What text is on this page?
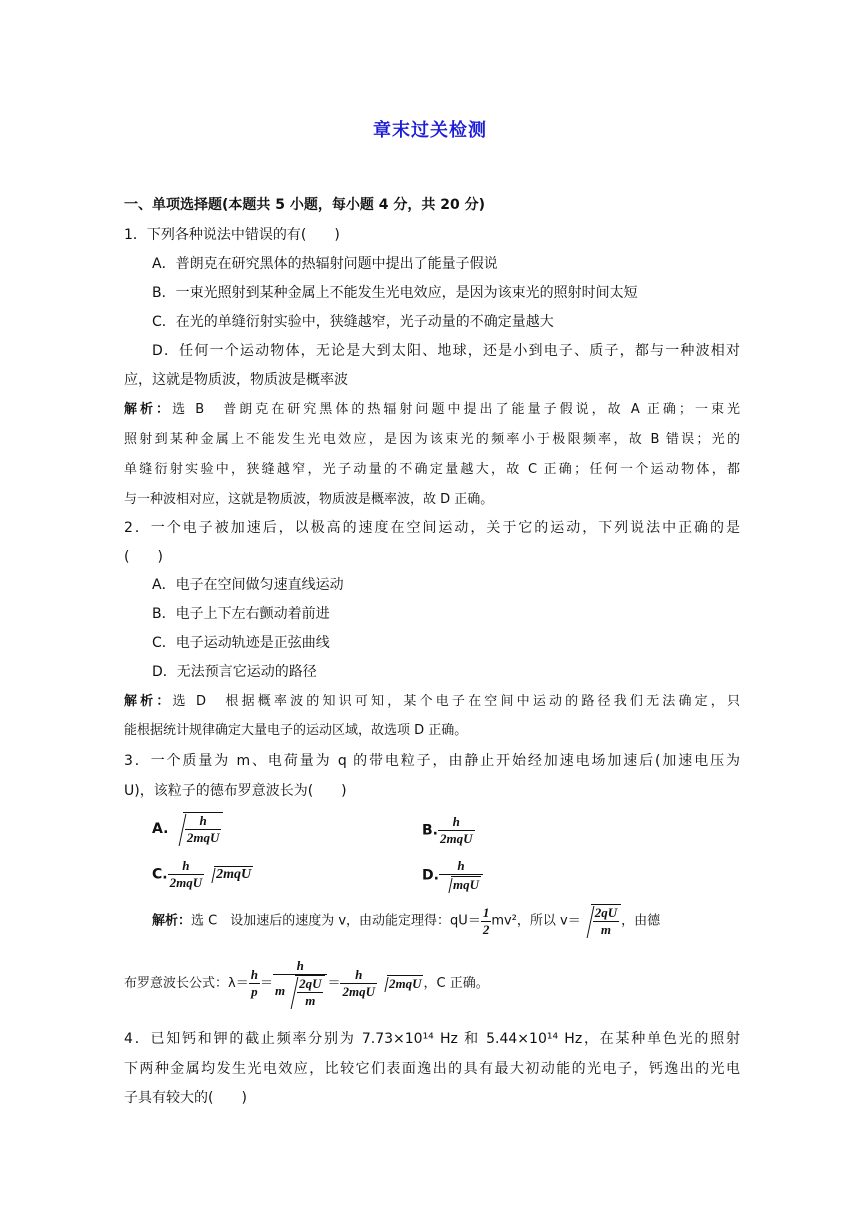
章末过关检测
一、单项选择题(本题共 5 小题，每小题 4 分，共 20 分)
1．下列各种说法中错误的有(　　)
A．普朗克在研究黑体的热辐射问题中提出了能量子假说
B．一束光照射到某种金属上不能发生光电效应，是因为该束光的照射时间太短
C．在光的单缝衍射实验中，狭缝越窄，光子动量的不确定量越大
D．任何一个运动物体，无论是大到太阳、地球，还是小到电子、质子，都与一种波相对
应，这就是物质波，物质波是概率波
解析：选 B　普朗克在研究黑体的热辐射问题中提出了能量子假说，故 A 正确；一束光
照射到某种金属上不能发生光电效应，是因为该束光的频率小于极限频率，故 B 错误；光的
单缝衍射实验中，狭缝越窄，光子动量的不确定量越大，故 C 正确；任何一个运动物体，都
与一种波相对应，这就是物质波，物质波是概率波，故 D 正确。
2．一个电子被加速后，以极高的速度在空间运动，关于它的运动，下列说法中正确的是
(　　)
A．电子在空间做匀速直线运动
B．电子上下左右颤动着前进
C．电子运动轨迹是正弦曲线
D．无法预言它运动的路径
解析：选 D　根据概率波的知识可知，某个电子在空间中运动的路径我们无法确定，只
能根据统计规律确定大量电子的运动区域，故选项 D 正确。
3．一个质量为 m、电荷量为 q 的带电粒子，由静止开始经加速电场加速后(加速电压为
U)，该粒子的德布罗意波长为(　　)
A. $\frac{h}{\text{2mqU}}$	B. $\frac{h}{\text{2mqU}}$
C. $\frac{h}{\text{2mqU}} 2mqU$	D. $\frac{h}{\text{mqU}}$
解析：选 C　设加速后的速度为 v，由动能定理得：$qU= \frac{1}{2} mv^2$，所以 $v= \frac{2qU}{m}$ ，由德
布罗意波长公式：$\lambda= \frac{h}{p} = \frac{h}{m \frac{2qU}{m}} = \frac{h}{\text{2mqU}} 2mqU$ ，C 正确。
4．已知钙和钾的截止频率分别为 7.73×10¹⁴ Hz 和 5.44×10¹⁴ Hz，在某种单色光的照射
下两种金属均发生光电效应，比较它们表面逸出的具有最大初动能的光电子，钙逸出的光电
子具有较大的(　　)
